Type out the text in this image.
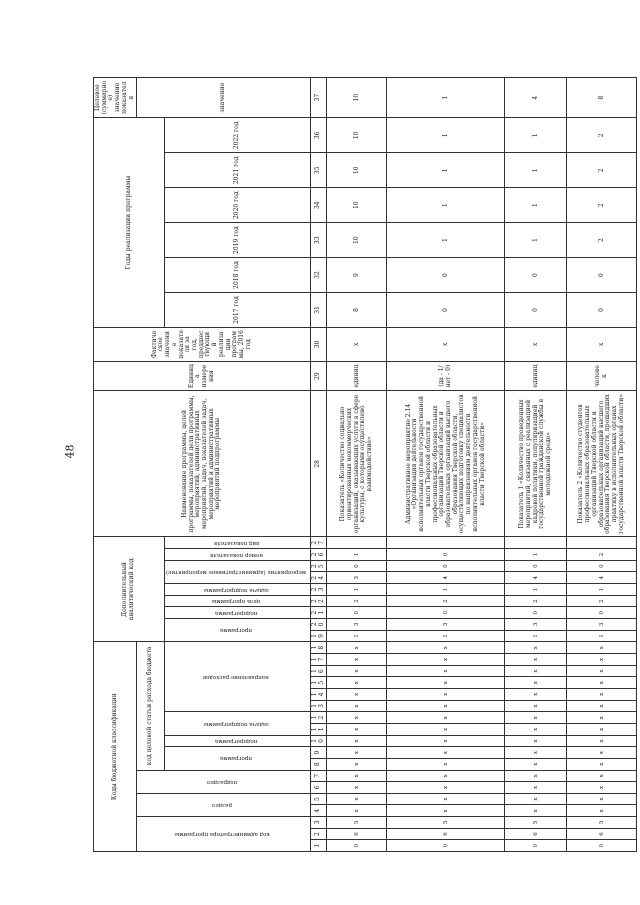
48
Коды бюджетной классификации																		Дополнительный аналитический код									Наименование программы, целей программы, показателей цели программы, мероприятий, административных мероприятий, задач, показателей задач, мероприятий и административных мероприятий подпрограммы	Единица измерения	Фактическое значение показателя за год, предшествующий реализации программы, 2016 год	Годы реализации программы						Целевое (суммарное) значение показателя
код администратора программы			раздел		подраздел		код целевой статьи расхода бюджета																													значение
							программа		подпрограмма	задача подпрограммы		направление расходов						программа		подпрограмма	цель программы	задача подпрограммы	мероприятие (административное мероприятие)		номер показателя	вид показателя				2017 год	2018 год	2019 год	2020 год	2021 год	2022 год	
1	2	3	4	5	6	7	8	9	10	11	12	13	14	15	16	17	18	19	20	21	22	23	24	25	26	27	28	29	30	31	32	33	34	35	36	37
0	6	5	x	x	x	x	x	x	x	x	x	x	x	x	x	x	x	1	3	0	2	1	3	0	1		Показатель «Количество социально ориентированных некоммерческих организаций, оказывающих услуги в сфере культуры, с которыми осуществлено взаимодействие»	единиц	x	8	9	10	10	10	10	10
0	6	5	x	x	x	x	x	x	x	x	x	x	x	x	x	x	x	1	3	0	2	1	4	0	0		Административное мероприятие 2.14 «Организация деятельности исполнительных органов государственной власти Тверской области и профессиональных образовательных организаций Тверской области и образовательных организаций высшего образования Тверской области, осуществляющих подготовку специалистов по направлениям деятельности исполнительных органов государственной власти Тверской области»	(да - 1/нет - 0)	x	0	0	1	1	1	1	1
0	6	5	x	x	x	x	x	x	x	x	x	x	x	x	x	x	x	1	3	0	2	1	4	0	1		Показатель 1 «Количество проведенных мероприятий, связанных с реализацией кадровой политики, популяризацией государственной гражданской службы в молодежной среде»	единиц	x	0	0	1	1	1	1	4
0	6	5	x	x	x	x	x	x	x	x	x	x	x	x	x	x	x	1	3	0	2	1	4	0	2		Показатель 2 «Количество студентов профессиональных образовательных организаций Тверской области и образовательных организаций высшего образования Тверской области, прошедших практику в исполнительных органах государственной власти Тверской области»	человек	x	0	0	2	2	2	2	8
